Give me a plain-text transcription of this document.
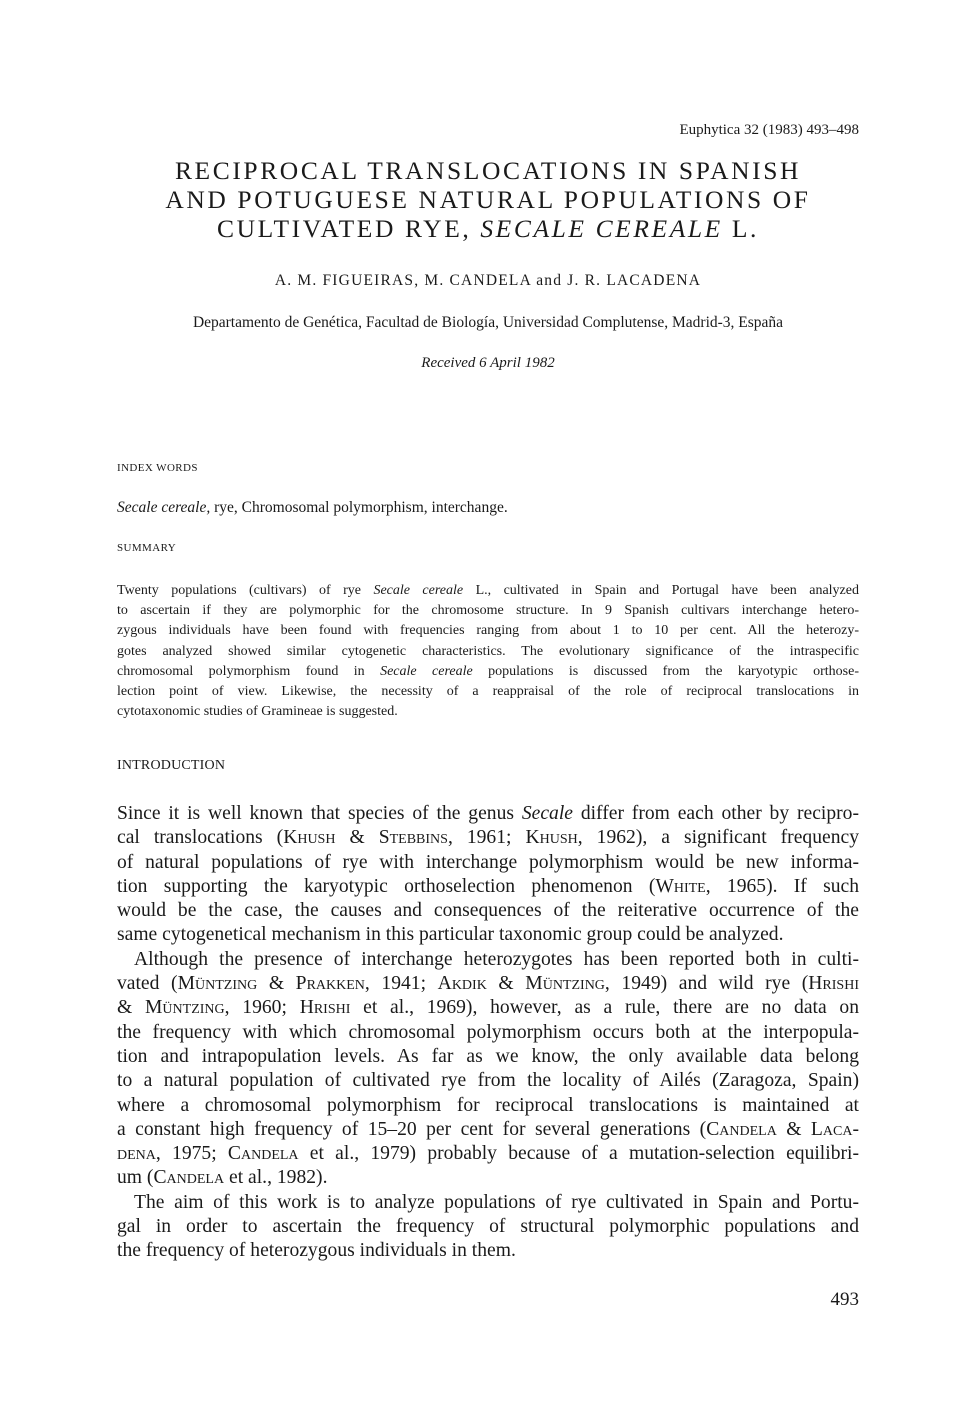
Euphytica 32 (1983) 493–498
RECIPROCAL TRANSLOCATIONS IN SPANISH
AND POTUGUESE NATURAL POPULATIONS OF
CULTIVATED RYE, SECALE CEREALE L.
A. M. FIGUEIRAS, M. CANDELA and J. R. LACADENA
Departamento de Genética, Facultad de Biología, Universidad Complutense, Madrid-3, España
Received 6 April 1982
INDEX WORDS
Secale cereale, rye, Chromosomal polymorphism, interchange.
SUMMARY
Twenty populations (cultivars) of rye Secale cereale L., cultivated in Spain and Portugal have been analyzed
to ascertain if they are polymorphic for the chromosome structure. In 9 Spanish cultivars interchange hetero-
zygous individuals have been found with frequencies ranging from about 1 to 10 per cent. All the heterozy-
gotes analyzed showed similar cytogenetic characteristics. The evolutionary significance of the intraspecific
chromosomal polymorphism found in Secale cereale populations is discussed from the karyotypic orthose-
lection point of view. Likewise, the necessity of a reappraisal of the role of reciprocal translocations in
cytotaxonomic studies of Gramineae is suggested.
INTRODUCTION
Since it is well known that species of the genus Secale differ from each other by recipro-
cal translocations (Khush & Stebbins, 1961; Khush, 1962), a significant frequency
of natural populations of rye with interchange polymorphism would be new informa-
tion supporting the karyotypic orthoselection phenomenon (White, 1965). If such
would be the case, the causes and consequences of the reiterative occurrence of the
same cytogenetical mechanism in this particular taxonomic group could be analyzed.
Although the presence of interchange heterozygotes has been reported both in culti-
vated (Müntzing & Prakken, 1941; Akdik & Müntzing, 1949) and wild rye (Hrishi
& Müntzing, 1960; Hrishi et al., 1969), however, as a rule, there are no data on
the frequency with which chromosomal polymorphism occurs both at the interpopula-
tion and intrapopulation levels. As far as we know, the only available data belong
to a natural population of cultivated rye from the locality of Ailés (Zaragoza, Spain)
where a chromosomal polymorphism for reciprocal translocations is maintained at
a constant high frequency of 15–20 per cent for several generations (Candela & Laca-
dena, 1975; Candela et al., 1979) probably because of a mutation-selection equilibri-
um (Candela et al., 1982).
The aim of this work is to analyze populations of rye cultivated in Spain and Portu-
gal in order to ascertain the frequency of structural polymorphic populations and
the frequency of heterozygous individuals in them.
493
